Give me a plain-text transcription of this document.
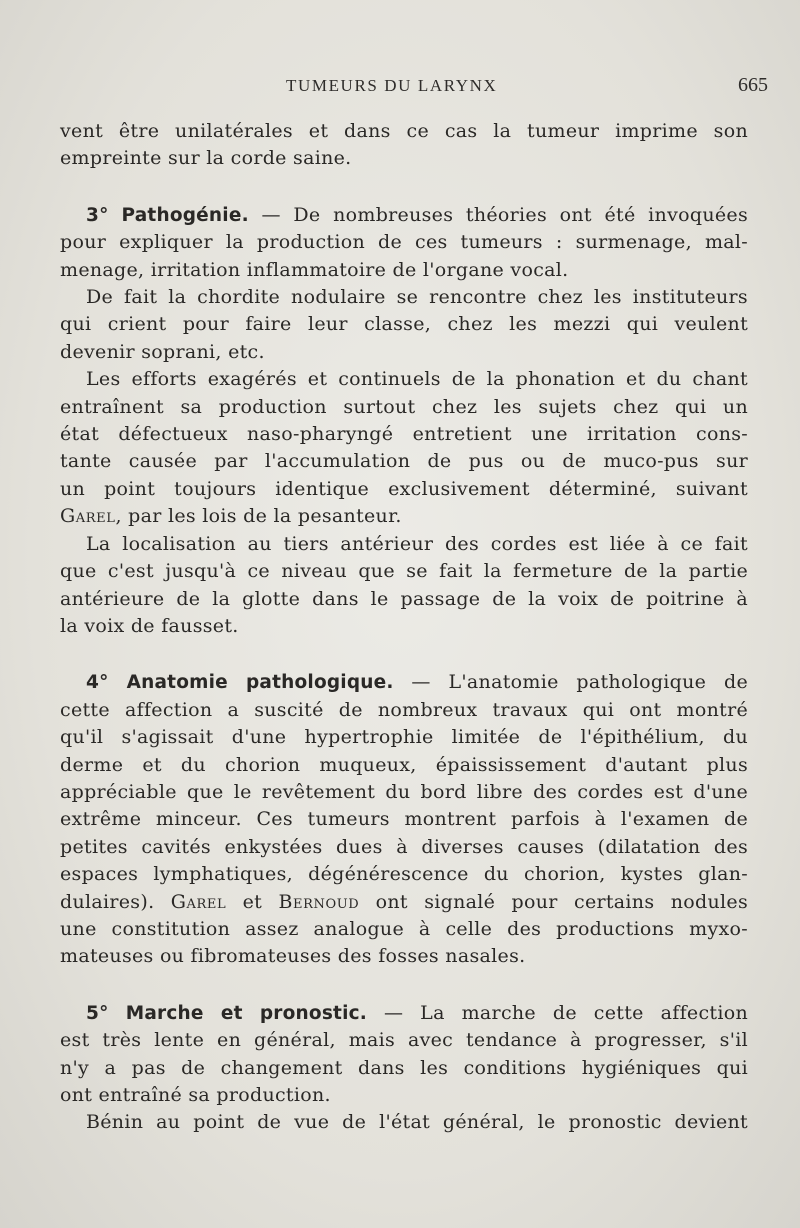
TUMEURS DU LARYNX	665
vent être unilatérales et dans ce cas la tumeur imprime son
empreinte sur la corde saine.
3° Pathogénie. — De nombreuses théories ont été invoquées
pour expliquer la production de ces tumeurs : surmenage, mal-
menage, irritation inflammatoire de l'organe vocal.
De fait la chordite nodulaire se rencontre chez les instituteurs
qui crient pour faire leur classe, chez les mezzi qui veulent
devenir soprani, etc.
Les efforts exagérés et continuels de la phonation et du chant
entraînent sa production surtout chez les sujets chez qui un
état défectueux naso-pharyngé entretient une irritation cons-
tante causée par l'accumulation de pus ou de muco-pus sur
un point toujours identique exclusivement déterminé, suivant
Garel, par les lois de la pesanteur.
La localisation au tiers antérieur des cordes est liée à ce fait
que c'est jusqu'à ce niveau que se fait la fermeture de la partie
antérieure de la glotte dans le passage de la voix de poitrine à
la voix de fausset.
4° Anatomie pathologique. — L'anatomie pathologique de
cette affection a suscité de nombreux travaux qui ont montré
qu'il s'agissait d'une hypertrophie limitée de l'épithélium, du
derme et du chorion muqueux, épaississement d'autant plus
appréciable que le revêtement du bord libre des cordes est d'une
extrême minceur. Ces tumeurs montrent parfois à l'examen de
petites cavités enkystées dues à diverses causes (dilatation des
espaces lymphatiques, dégénérescence du chorion, kystes glan-
dulaires). Garel et Bernoud ont signalé pour certains nodules
une constitution assez analogue à celle des productions myxo-
mateuses ou fibromateuses des fosses nasales.
5° Marche et pronostic. — La marche de cette affection
est très lente en général, mais avec tendance à progresser, s'il
n'y a pas de changement dans les conditions hygiéniques qui
ont entraîné sa production.
Bénin au point de vue de l'état général, le pronostic devient
